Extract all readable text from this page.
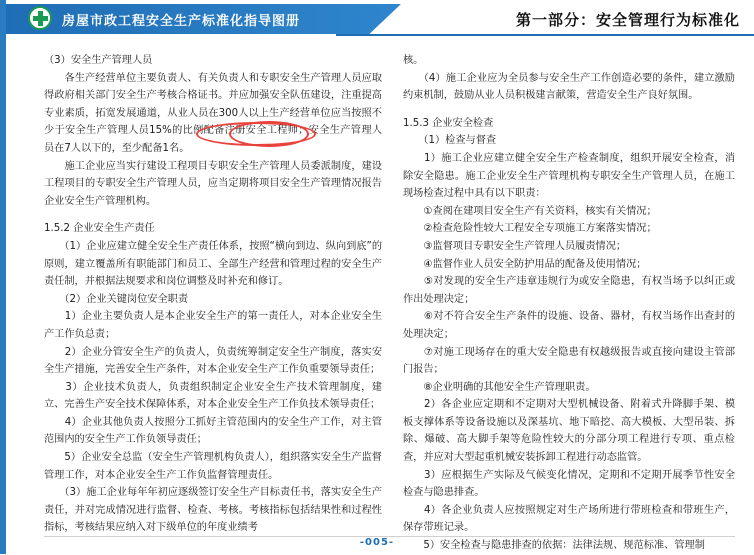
房屋市政工程安全生产标准化指导图册	第一部分：安全管理行为标准化

（3）安全生产管理人员

　　各生产经营单位主要负责人、有关负责人和专职安全生产管理人员应取得政府相关部门安全生产考核合格证书。并应加强安全队伍建设，注重提高专业素质，拓宽发展通道，从业人员在300人以上生产经营单位应当按照不少于安全生产管理人员15%的比例配备注
册安全工程师
；安全生产管理人员在7人以下的，至少配备1名。

　　施工企业应当实行建设工程项目专职安全生产管理人员委派制度，建设工程项目的专职安全生产管理人员，应当定期将项目安全生产管理情况报告企业安全生产管理机构。

1.5.2 企业安全生产责任

　　（1）企业应建立健全安全生产责任体系，按照“横向到边、纵向到底”的原则，建立覆盖所有职能部门和员工、全部生产经营和管理过程的安全生产责任制，并根据法规要求和岗位调整及时补充和修订。

　　（2）企业关键岗位安全职责

　　1）企业主要负责人是本企业安全生产的第一责任人，对本企业安全生产工作负总责；

　　2）企业分管安全生产的负责人，负责统筹制定安全生产制度，落实安全生产措施，完善安全生产条件，对本企业安全生产工作负重要领导责任；

　　3）企业技术负责人，负责组织制定企业安全生产技术管理制度，建立、完善生产安全技术保障体系，对本企业安全生产工作负技术领导责任；

　　4）企业其他负责人按照分工抓好主管范围内的安全生产工作，对主管范围内的安全生产工作负领导责任；

　　5）企业安全总监（安全生产管理机构负责人），组织落实安全生产监督管理工作，对本企业安全生产工作负监督管理责任。

　　（3）施工企业每年年初应逐级签订安全生产目标责任书，落实安全生产责任，并对完成情况进行监督、检查、考核。考核指标包括结果性和过程性指标，考核结果应纳入对下级单位的年度业绩考

核。

　　（4）施工企业应为全员参与安全生产工作创造必要的条件，建立激励约束机制，鼓励从业人员积极建言献策，营造安全生产良好氛围。

1.5.3 企业安全检查

　　（1）检查与督查

　　1）施工企业应建立健全安全生产检查制度，组织开展安全检查，消除安全隐患。施工企业安全生产管理机构专职安全生产管理人员，在施工现场检查过程中具有以下职责：

　　①查阅在建项目安全生产有关资料，核实有关情况；

　　②检查危险性较大工程安全专项施工方案落实情况；

　　③监督项目专职安全生产管理人员履责情况；

　　④监督作业人员安全防护用品的配备及使用情况；

　　⑤对发现的安全生产违章违规行为或安全隐患，有权当场予以纠正或作出处理决定；

　　⑥对不符合安全生产条件的设施、设备、器材，有权当场作出查封的处理决定；

　　⑦对施工现场存在的重大安全隐患有权越级报告或直接向建设主管部门报告；

　　⑧企业明确的其他安全生产管理职责。

　　2）各企业应定期和不定期对大型机械设备、附着式升降脚手架、模板支撑体系等设备设施以及深基坑、地下暗挖、高大模板、大型吊装、拆除、爆破、高大脚手架等危险性较大的分部分项工程进行专项、重点检查，并应对大型起重机械安装拆卸工程进行动态监管。

　　3）应根据生产实际及气候变化情况，定期和不定期开展季节性安全检查与隐患排查。

　　4）各企业负责人应按照规定对生产场所进行带班检查和带班生产，保存带班记录。

　　5）安全检查与隐患排查的依据：法律法规、规范标准、管理制

-005-
